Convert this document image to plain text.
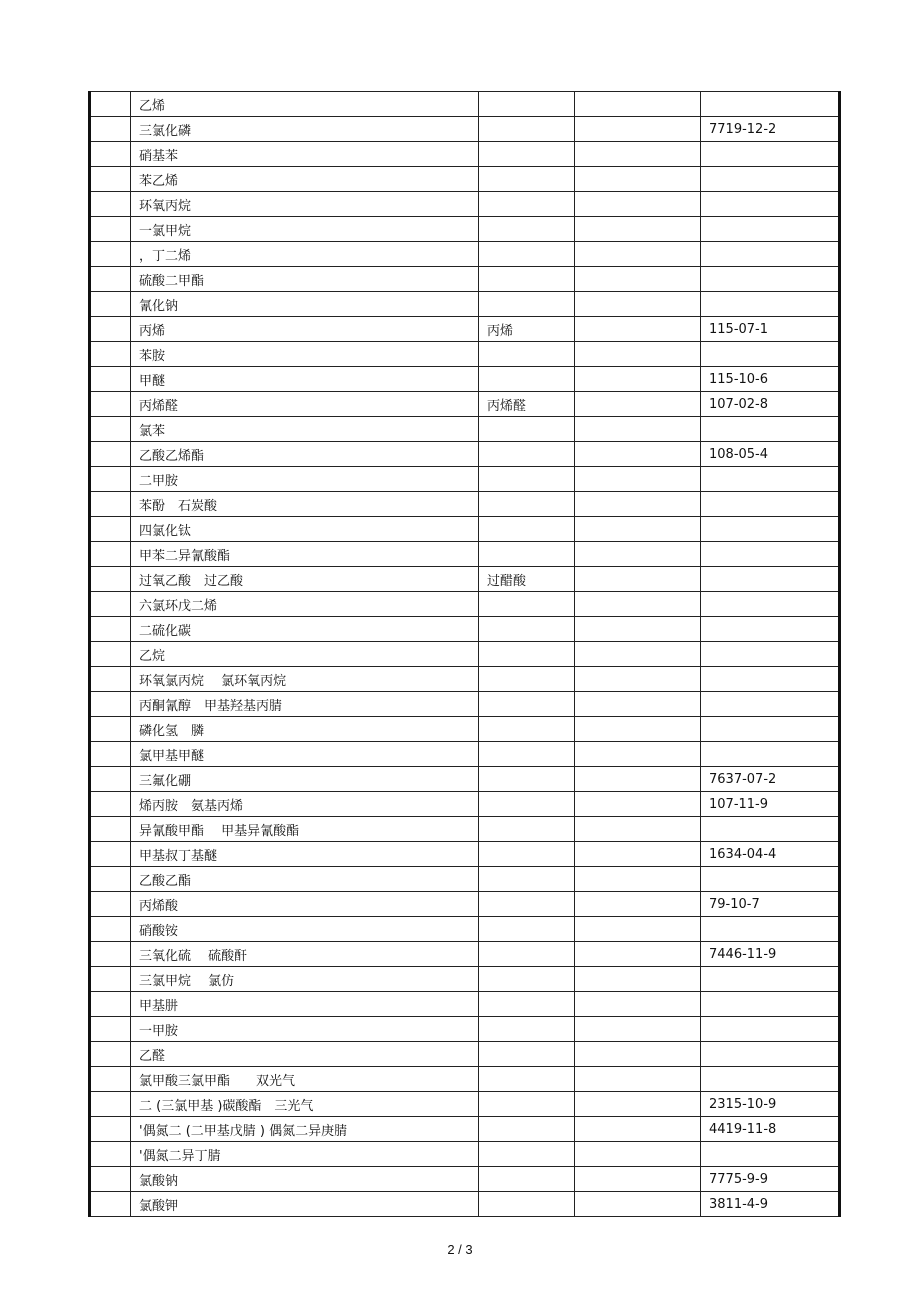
	乙烯			
	三氯化磷			7719-12-2
	硝基苯			
	苯乙烯			
	环氧丙烷			
	一氯甲烷			
	，丁二烯			
	硫酸二甲酯			
	氰化钠			
	丙烯	丙烯		115-07-1
	苯胺			
	甲醚			115-10-6
	丙烯醛	丙烯醛		107-02-8
	氯苯			
	乙酸乙烯酯			108-05-4
	二甲胺			
	苯酚　石炭酸			
	四氯化钛			
	甲苯二异氰酸酯			
	过氧乙酸　过乙酸	过醋酸		
	六氯环戊二烯			
	二硫化碳			
	乙烷			
	环氧氯丙烷　 氯环氧丙烷			
	丙酮氰醇　甲基羟基丙腈			
	磷化氢　膦			
	氯甲基甲醚			
	三氟化硼			7637-07-2
	烯丙胺　氨基丙烯			107-11-9
	异氰酸甲酯　 甲基异氰酸酯			
	甲基叔丁基醚			1634-04-4
	乙酸乙酯			
	丙烯酸			79-10-7
	硝酸铵			
	三氧化硫　 硫酸酐			7446-11-9
	三氯甲烷　 氯仿			
	甲基肼			
	一甲胺			
	乙醛			
	氯甲酸三氯甲酯　　双光气			
	二 (三氯甲基 )碳酸酯　三光气			2315-10-9
	'偶氮二 (二甲基戊腈 ) 偶氮二异庚腈			4419-11-8
	'偶氮二异丁腈			
	氯酸钠			7775-9-9
	氯酸钾			3811-4-9
2 / 3
